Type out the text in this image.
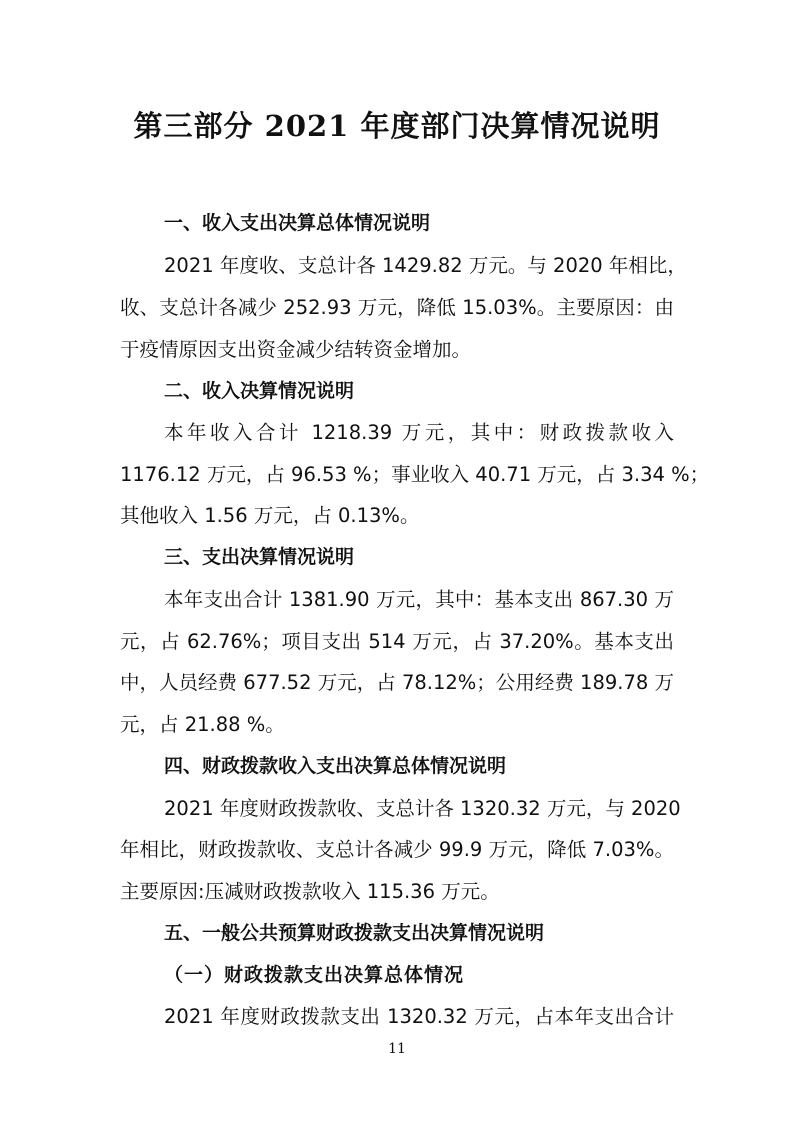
第三部分 2021 年度部门决算情况说明
一、收入支出决算总体情况说明
2021 年度收、支总计各 1429.82 万元。与 2020 年相比，
收、支总计各减少 252.93 万元，降低 15.03%。主要原因：由
于疫情原因支出资金减少结转资金增加。
二、收入决算情况说明
本年收入合计 1218.39 万元，其中：财政拨款收入
1176.12 万元，占 96.53 %；事业收入 40.71 万元，占 3.34 %；
其他收入 1.56 万元，占 0.13%。
三、支出决算情况说明
本年支出合计 1381.90 万元，其中：基本支出 867.30 万
元，占 62.76%；项目支出 514 万元，占 37.20%。基本支出
中，人员经费 677.52 万元，占 78.12%；公用经费 189.78 万
元，占 21.88 %。
四、财政拨款收入支出决算总体情况说明
2021 年度财政拨款收、支总计各 1320.32 万元，与 2020
年相比，财政拨款收、支总计各减少 99.9 万元，降低 7.03%。
主要原因:压减财政拨款收入 115.36 万元。
五、一般公共预算财政拨款支出决算情况说明
（一）财政拨款支出决算总体情况
2021 年度财政拨款支出 1320.32 万元，占本年支出合计
11
